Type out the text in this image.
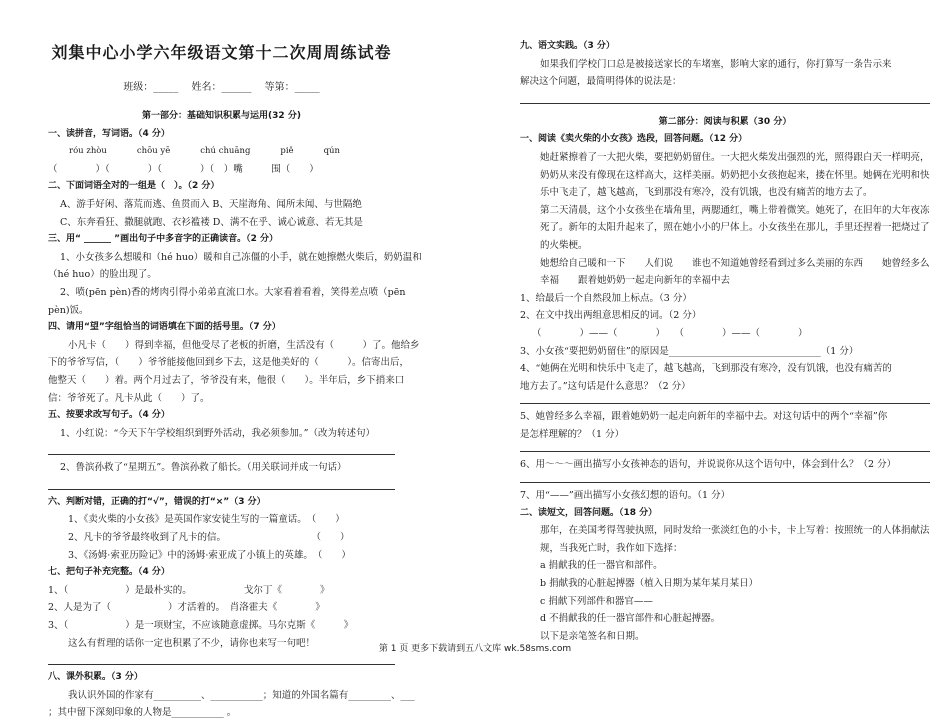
刘集中心小学六年级语文第十二次周周练试卷
班级：_____ 　姓名：______ 　等第：_____
第一部分：基础知识积累与运用(32 分)
一、读拼音，写词语。（4 分）
róu zhòu	chōu yē	chú chuāng	piě	qún
（　　　　）（　　　　）（　　　　）（　）嘴　　　围（　　）
二、下面词语全对的一组是（　）。（2 分）
A、游手好闲、落荒而逃、鱼贯而入 B、天崖海角、闻所未闻、与世隔绝
C、东奔看狂、撒腿就跑、衣衫褴褛 D、满不在乎、诚心诚意、若无其是
三、用“ ______ ”画出句子中多音字的正确读音。（2 分）
1、小女孩多么想暖和（hé huo）暖和自己冻僵的小手，就在她擦燃火柴后，奶奶温和
（hé huo）的脸出现了。
2、喷(pēn pèn)香的烤肉引得小弟弟直流口水。大家看着看着，笑得差点喷（pēn
pèn)饭。
四、请用“望”字组恰当的词语填在下面的括号里。（7 分）
小凡卡（　　）得到幸福，但他受尽了老板的折磨，生活没有（　　　）了。他给乡
下的爷爷写信，（　　）爷爷能接他回到乡下去，这是他美好的（　　　）。信寄出后，
他整天（　　）着。两个月过去了，爷爷没有来，他很（　　）。半年后，乡下捎来口
信：爷爷死了。凡卡从此（　　）了。
五、按要求改写句子。（4 分）
1、小红说：“今天下午学校组织到野外活动，我必须参加。”（改为转述句）
2、鲁滨孙救了“星期五”。鲁滨孙救了船长。（用关联词并成一句话）
六、判断对错，正确的打“√”，错误的打“×”（3 分）
1、《卖火柴的小女孩》是英国作家安徒生写的一篇童话。　（　　）
2、凡卡的爷爷最终收到了凡卡的信。　　　　　　　　　　（　　）
3、《汤姆·索亚历险记》中的汤姆·索亚成了小镇上的英雄。　（　　）
七、把句子补充完整。（4 分）
1、（　　　　　　）是最朴实的。　　　　　　戈尔丁《　　　　》
2、人是为了（　　　　　　）才活着的。　肖洛霍夫《　　　　》
3、（　　　　　　）是一项财宝，不应该随意虚掷。马尔克斯《　　　》
这么有哲理的话你一定也积累了不少，请你也来写一句吧！
八、课外积累。（3 分）
我认识外国的作家有__________、___________；知道的外国名篇有_________、___
；其中留下深刻印象的人物是___________ 。
九、语文实践。（3 分）
如果我们学校门口总是被接送家长的车堵塞，影响大家的通行，你打算写一条告示来
解决这个问题，最简明得体的说法是：
第二部分：阅读与积累（30 分）
一、阅读《卖火柴的小女孩》选段，回答问题。（12 分）
她赶紧擦着了一大把火柴，要把奶奶留住。一大把火柴发出强烈的光，照得跟白天一样明亮，奶奶从来没有像现在这样高大，这样美丽。奶奶把小女孩抱起来，搂在怀里。她俩在光明和快乐中飞走了，越飞越高，飞到那没有寒冷，没有饥饿，也没有痛苦的地方去了。
第二天清晨，这个小女孩坐在墙角里，两腮通红，嘴上带着微笑。她死了，在旧年的大年夜冻死了。新年的太阳升起来了，照在她小小的尸体上。小女孩坐在那儿，手里还捏着一把烧过了的火柴梗。
她想给自己暖和一下　　人们说　　谁也不知道她曾经看到过多么美丽的东西　　她曾经多么幸福　　跟着她奶奶一起走向新年的幸福中去
1、给最后一个自然段加上标点。（3 分）
2、在文中找出两组意思相反的词。（2 分）
（　　　　）——（　　　　）　　（　　　　）——（　　　　）
3、小女孩“要把奶奶留住”的原因是________________________________（1 分）
4、“她俩在光明和快乐中飞走了，越飞越高，飞到那没有寒冷，没有饥饿，也没有痛苦的
地方去了。”这句话是什么意思？（2 分）
5、她曾经多么幸福，跟着她奶奶一起走向新年的幸福中去。对这句话中的两个“幸福”你
是怎样理解的？（1 分）
6、用～～～画出描写小女孩神态的语句，并说说你从这个语句中，体会到什么？（2 分）
7、用“——”画出描写小女孩幻想的语句。（1 分）
二、读短文，回答问题。（18 分）
那年，在美国考得驾驶执照，同时发给一张淡红色的小卡，卡上写着：按照统一的人体捐献法规，当我死亡时，我作如下选择：
a 捐献我的任一器官和部件。
b 捐献我的心脏起搏器（植入日期为某年某月某日）
c 捐献下列部件和器官——
d 不捐献我的任一器官部件和心脏起搏器。
以下是亲笔签名和日期。
第 1 页 更多下载请到五八文库 wk.58sms.com
